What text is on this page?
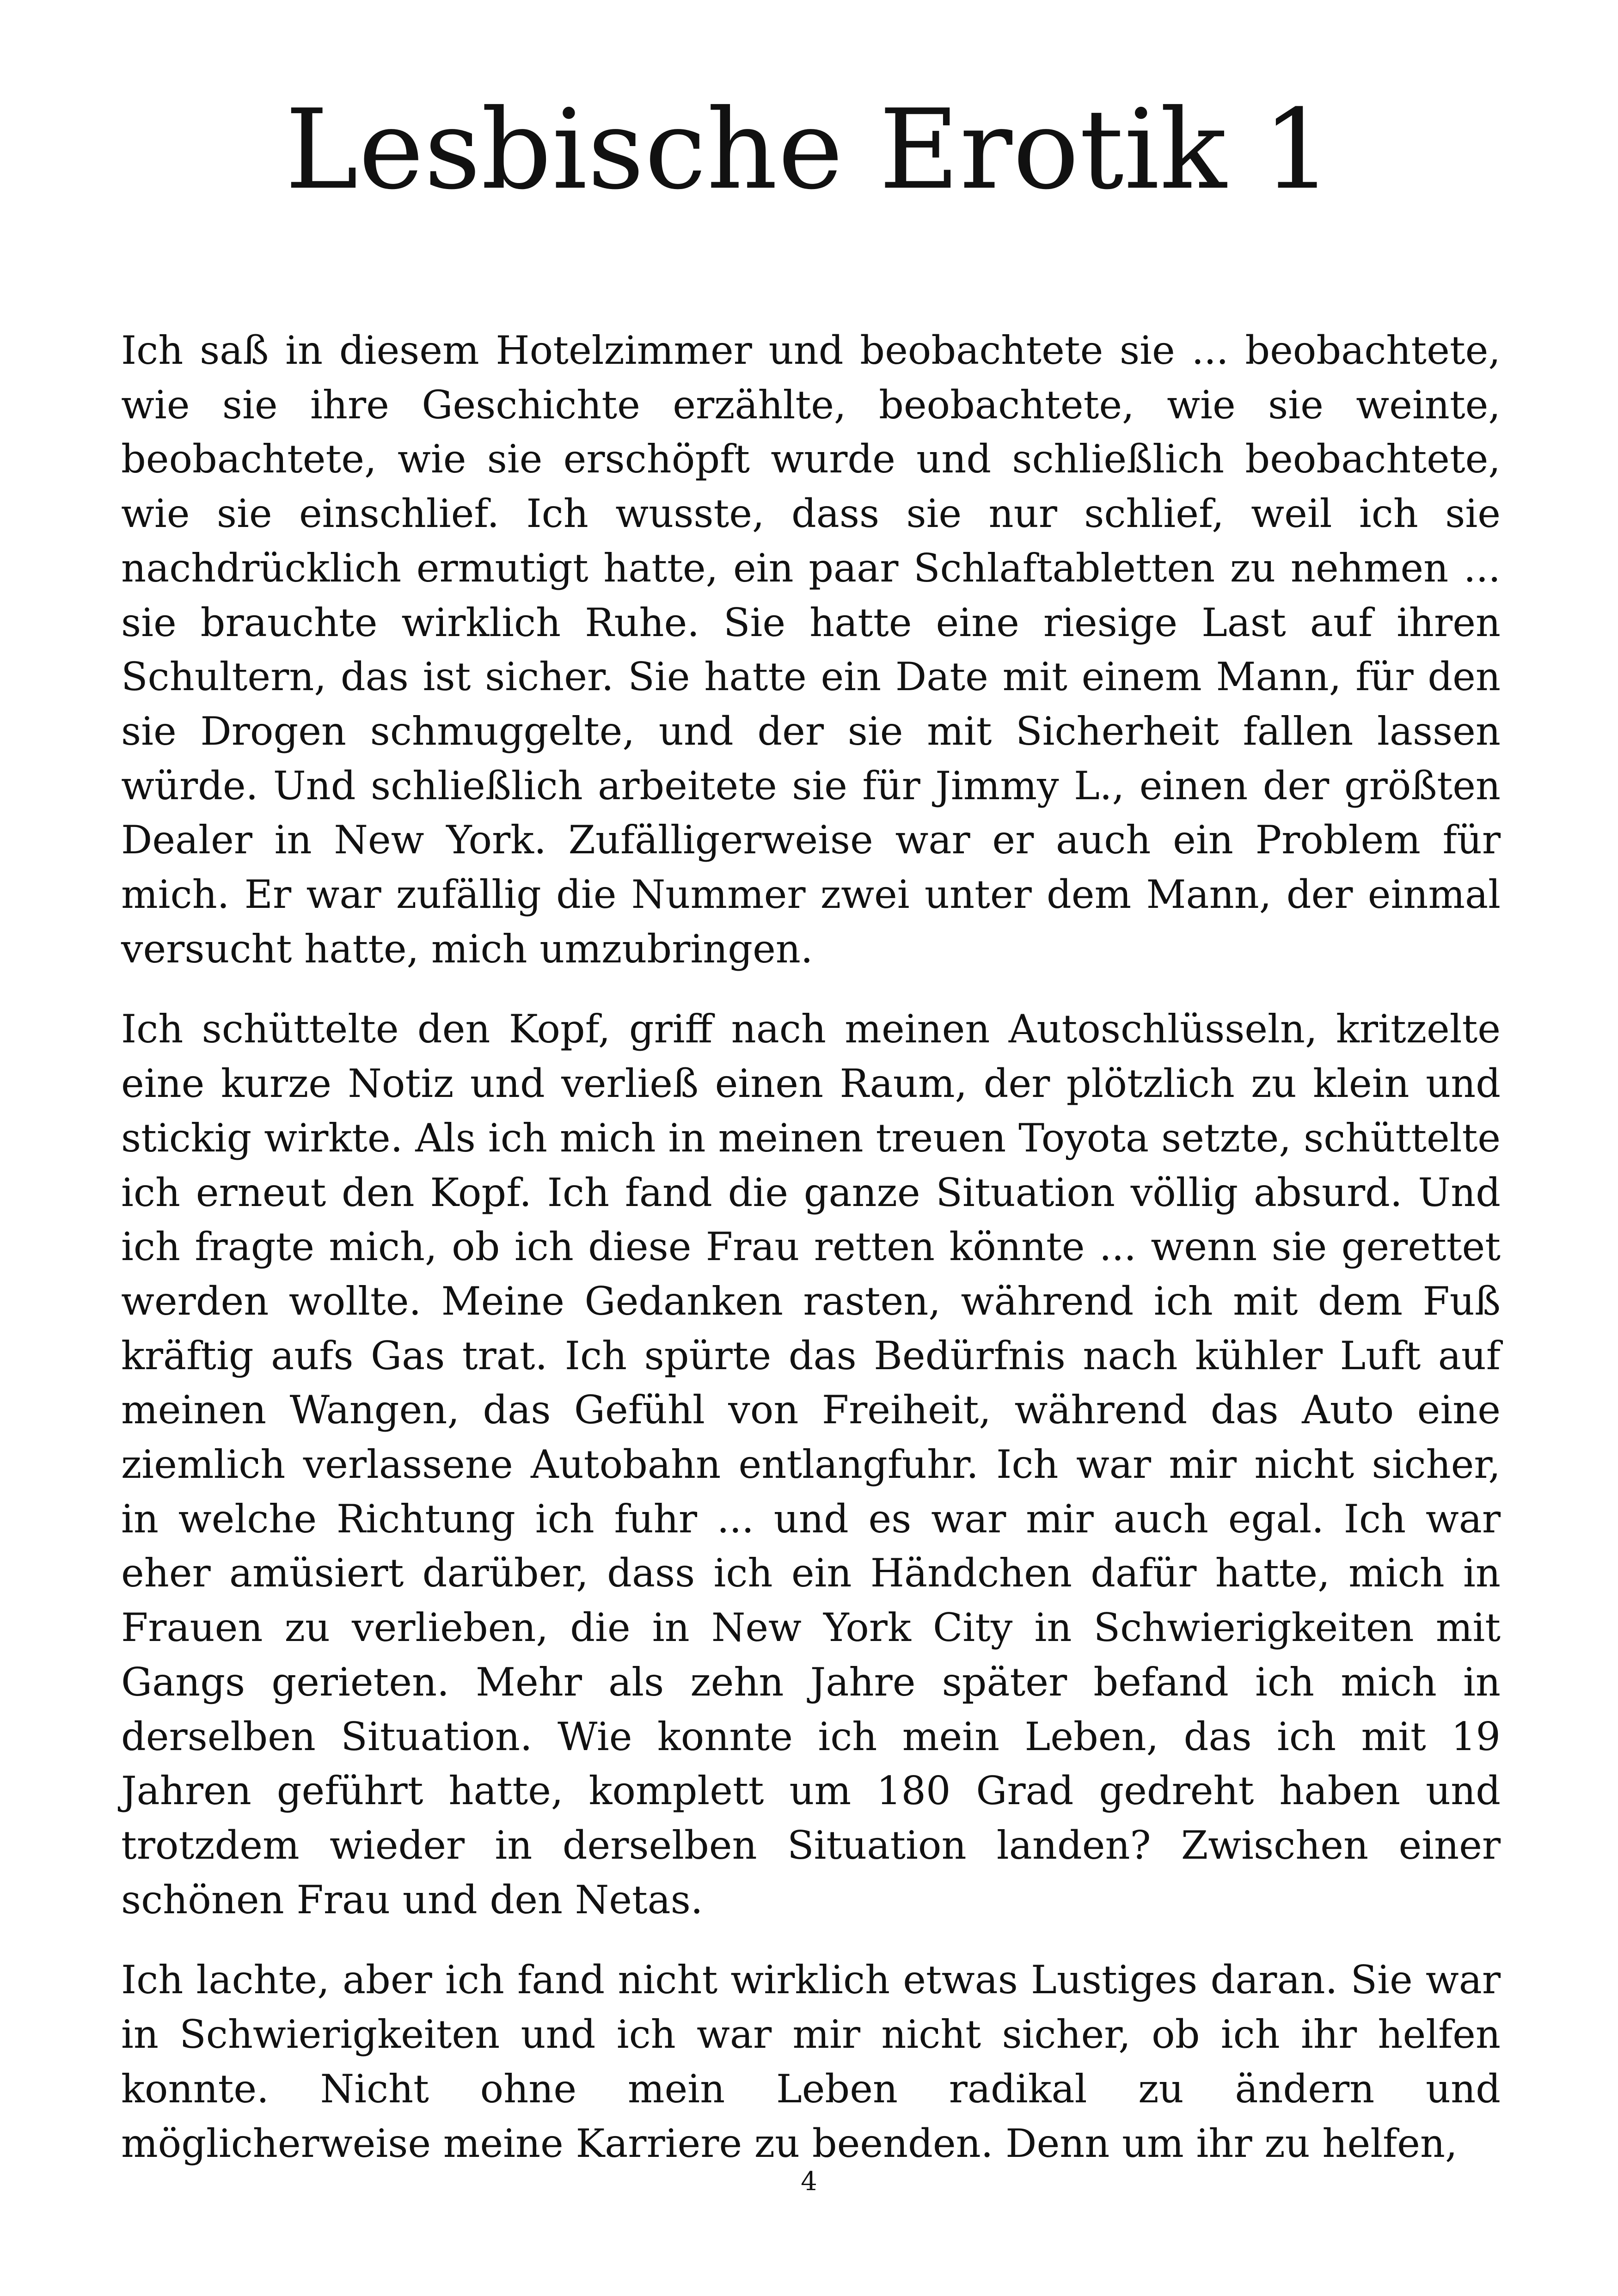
Lesbische Erotik 1

Ich saß in diesem Hotelzimmer und beobachtete sie ... beobachtete, wie sie ihre Geschichte erzählte, beobachtete, wie sie weinte, beobachtete, wie sie erschöpft wurde und schließlich beobachtete, wie sie einschlief. Ich wusste, dass sie nur schlief, weil ich sie nachdrücklich ermutigt hatte, ein paar Schlaftabletten zu nehmen ... sie brauchte wirklich Ruhe. Sie hatte eine riesige Last auf ihren Schultern, das ist sicher. Sie hatte ein Date mit einem Mann, für den sie Drogen schmuggelte, und der sie mit Sicherheit fallen lassen würde. Und schließlich arbeitete sie für Jimmy L., einen der größten Dealer in New York. Zufälligerweise war er auch ein Problem für mich. Er war zufällig die Nummer zwei unter dem Mann, der einmal versucht hatte, mich umzubringen.

Ich schüttelte den Kopf, griff nach meinen Autoschlüsseln, kritzelte eine kurze Notiz und verließ einen Raum, der plötzlich zu klein und stickig wirkte. Als ich mich in meinen treuen Toyota setzte, schüttelte ich erneut den Kopf. Ich fand die ganze Situation völlig absurd. Und ich fragte mich, ob ich diese Frau retten könnte ... wenn sie gerettet werden wollte. Meine Gedanken rasten, während ich mit dem Fuß kräftig aufs Gas trat. Ich spürte das Bedürfnis nach kühler Luft auf meinen Wangen, das Gefühl von Freiheit, während das Auto eine ziemlich verlassene Autobahn entlangfuhr. Ich war mir nicht sicher, in welche Richtung ich fuhr ... und es war mir auch egal. Ich war eher amüsiert darüber, dass ich ein Händchen dafür hatte, mich in Frauen zu verlieben, die in New York City in Schwierigkeiten mit Gangs gerieten. Mehr als zehn Jahre später befand ich mich in derselben Situation. Wie konnte ich mein Leben, das ich mit 19 Jahren geführt hatte, komplett um 180 Grad gedreht haben und trotzdem wieder in derselben Situation landen? Zwischen einer schönen Frau und den Netas.

Ich lachte, aber ich fand nicht wirklich etwas Lustiges daran. Sie war in Schwierigkeiten und ich war mir nicht sicher, ob ich ihr helfen konnte. Nicht ohne mein Leben radikal zu ändern und möglicherweise meine Karriere zu beenden. Denn um ihr zu helfen,

4
